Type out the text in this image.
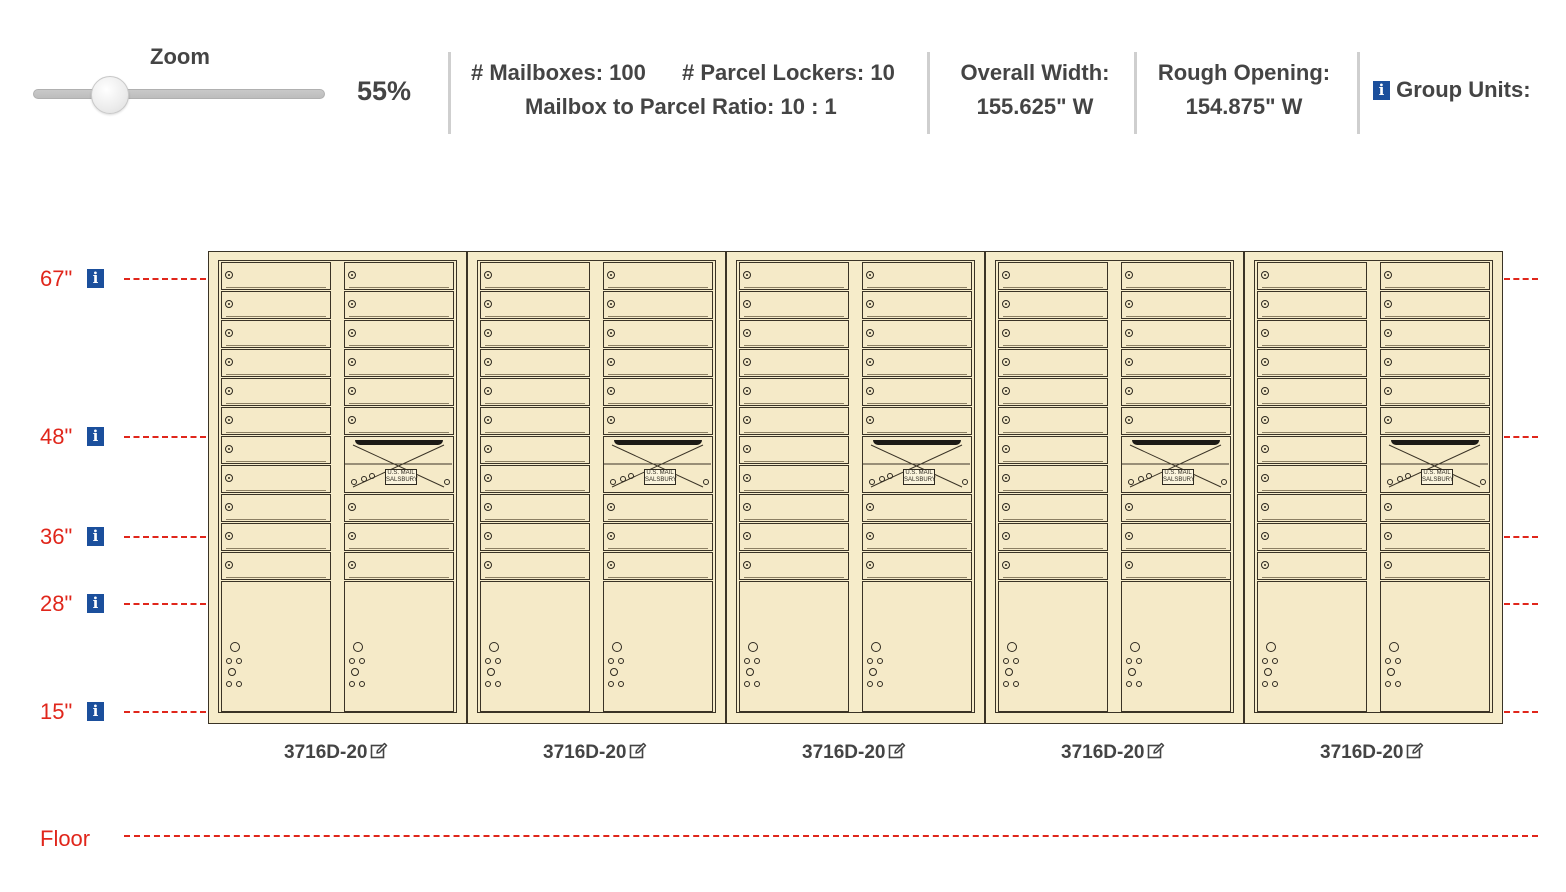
Zoom
55%
# Mailboxes: 100 # Parcel Lockers: 10
Mailbox to Parcel Ratio: 10 : 1
Overall Width:
155.625" W
Rough Opening:
154.875" W
i Group Units:
67"	i
48"	i
36"	i
28"	i
15"	i
Floor
U.S. MAIL
SALSBURY
3716D-20
U.S. MAIL
SALSBURY
3716D-20
U.S. MAIL
SALSBURY
3716D-20
U.S. MAIL
SALSBURY
3716D-20
U.S. MAIL
SALSBURY
3716D-20
